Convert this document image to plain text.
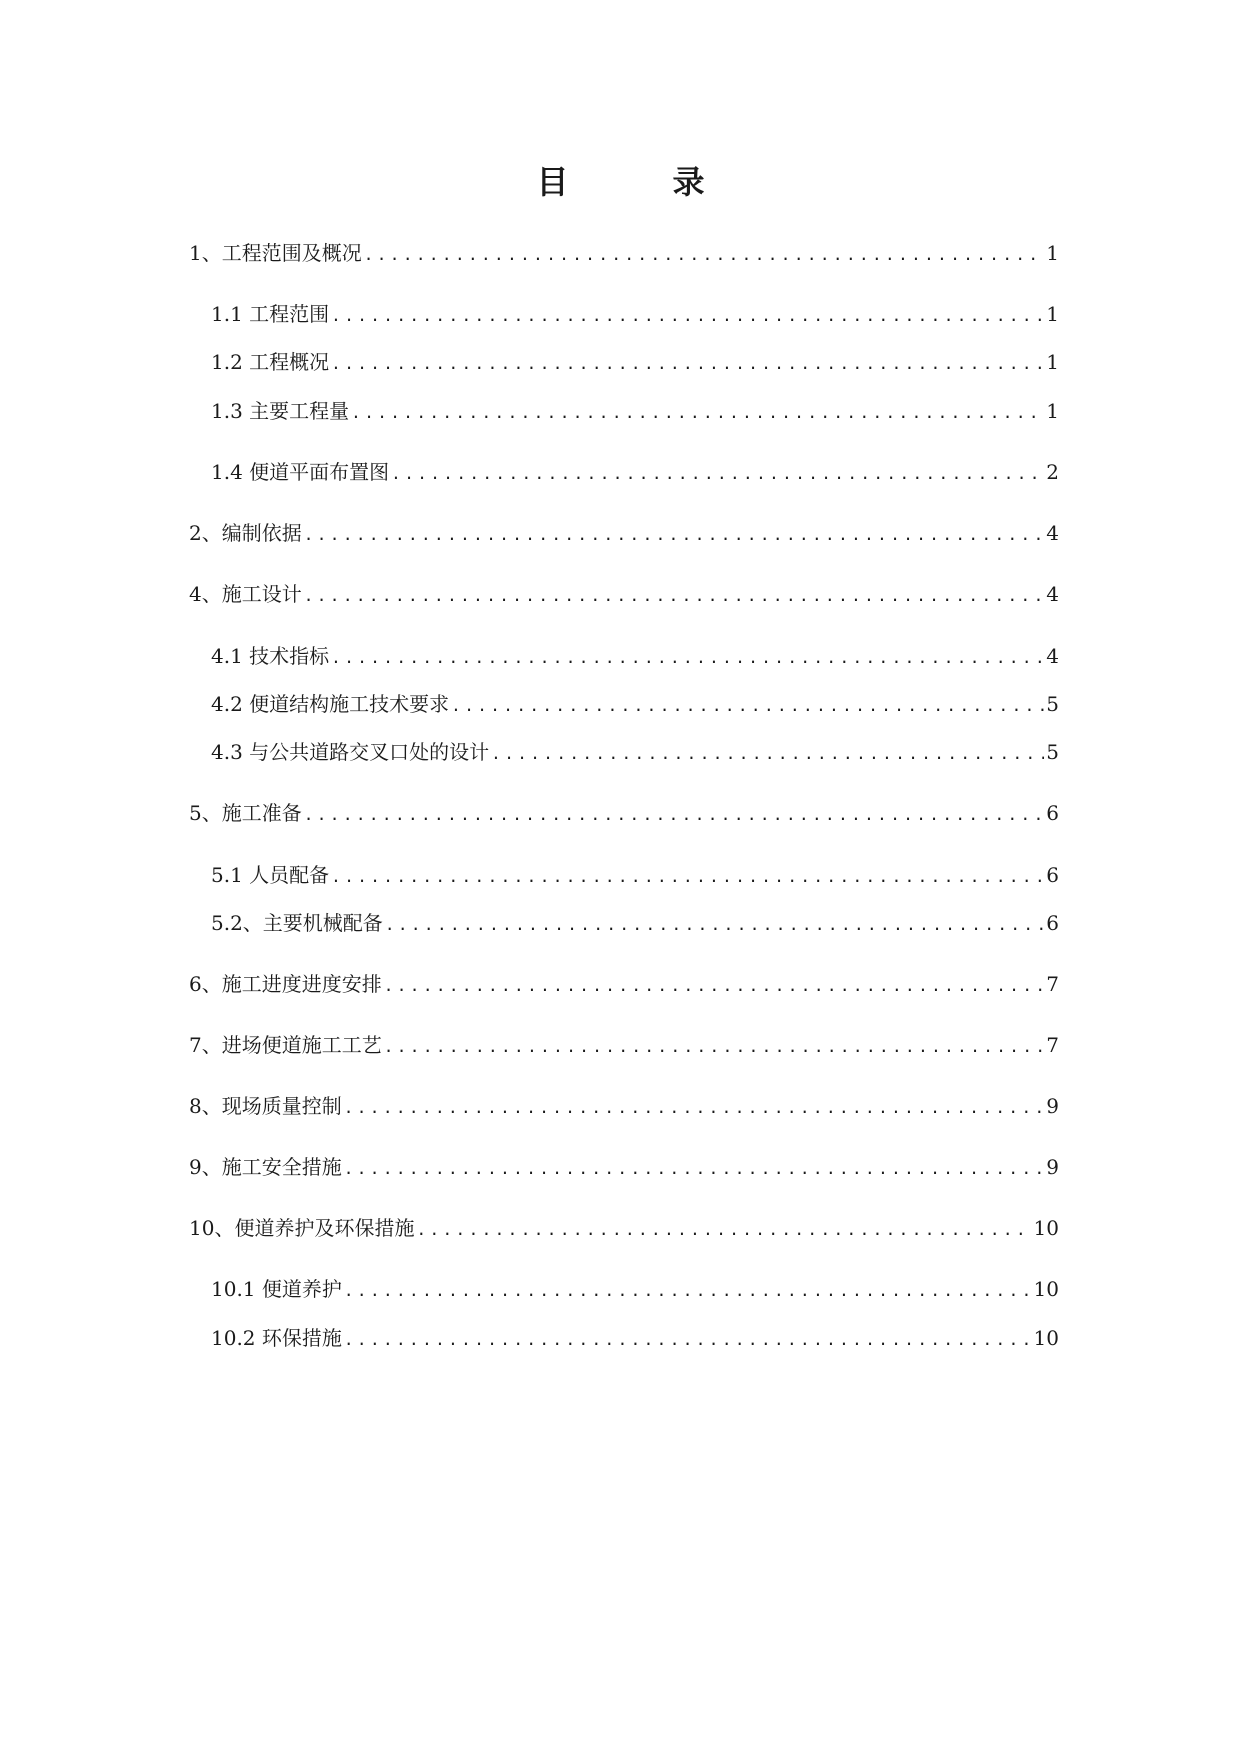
目　录
1、工程范围及概况 .....	1
1.1 工程范围 .....	1
1.2 工程概况 .....	1
1.3 主要工程量 .....	1
1.4 便道平面布置图 .....	2
2、编制依据 .....	4
4、施工设计 .....	4
4.1 技术指标 .....	4
4.2 便道结构施工技术要求 .....	5
4.3 与公共道路交叉口处的设计 .....	5
5、施工准备 .....	6
5.1 人员配备 .....	6
5.2、主要机械配备 .....	6
6、施工进度进度安排 .....	7
7、进场便道施工工艺 .....	7
8、现场质量控制 .....	9
9、施工安全措施 .....	9
10、便道养护及环保措施 .....	10
10.1 便道养护 .....	10
10.2 环保措施 .....	10
